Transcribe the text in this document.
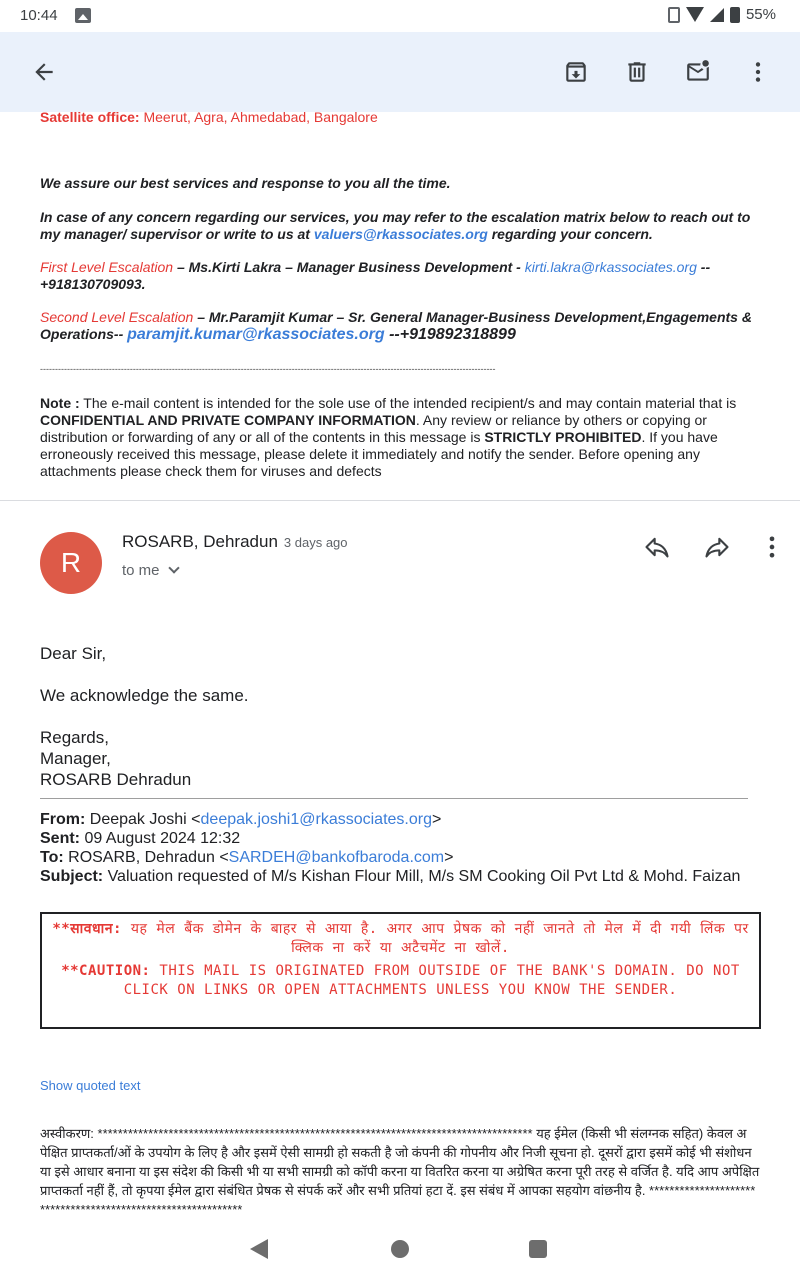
10:44	55%
Satellite office: Meerut, Agra, Ahmedabad, Bangalore
We assure our best services and response to you all the time.
In case of any concern regarding our services, you may refer to the escalation matrix below to reach out to my manager/ supervisor or write to us at valuers@rkassociates.org regarding your concern.
First Level Escalation – Ms.Kirti Lakra – Manager Business Development - kirti.lakra@rkassociates.org --+918130709093.
Second Level Escalation – Mr.Paramjit Kumar – Sr. General Manager-Business Development,Engagements & Operations-- paramjit.kumar@rkassociates.org --+919892318899
--------------------------------------------------------------------------------------------------------------------------------------------------------
Note : The e-mail content is intended for the sole use of the intended recipient/s and may contain material that is CONFIDENTIAL AND PRIVATE COMPANY INFORMATION. Any review or reliance by others or copying or distribution or forwarding of any or all of the contents in this message is STRICTLY PROHIBITED. If you have erroneously received this message, please delete it immediately and notify the sender. Before opening any attachments please check them for viruses and defects
R
ROSARB, Dehradun 3 days ago
to me
Dear Sir,
We acknowledge the same.
Regards,
Manager,
ROSARB Dehradun
From: Deepak Joshi <deepak.joshi1@rkassociates.org>
Sent: 09 August 2024 12:32
To: ROSARB, Dehradun <SARDEH@bankofbaroda.com>
Subject: Valuation requested of M/s Kishan Flour Mill, M/s SM Cooking Oil Pvt Ltd & Mohd. Faizan
**सावधान: यह मेल बैंक डोमेन के बाहर से आया है. अगर आप प्रेषक को नहीं जानते तो मेल में दी गयी लिंक पर क्लिक ना करें या अटैचमेंट ना खोलें.
**CAUTION: THIS MAIL IS ORIGINATED FROM OUTSIDE OF THE BANK'S DOMAIN. DO NOT CLICK ON LINKS OR OPEN ATTACHMENTS UNLESS YOU KNOW THE SENDER.
Show quoted text
अस्वीकरण: ************************************************************************************** यह ईमेल (किसी भी संलग्नक सहित) केवल अपेक्षित प्राप्तकर्ता/ओं के उपयोग के लिए है और इसमें ऐसी सामग्री हो सकती है जो कंपनी की गोपनीय और निजी सूचना हो. दूसरों द्वारा इसमें कोई भी संशोधन या इसे आधार बनाना या इस संदेश की किसी भी या सभी सामग्री को कॉपी करना या वितरित करना या अग्रेषित करना पूरी तरह से वर्जित है. यदि आप अपेक्षित प्राप्तकर्ता नहीं हैं, तो कृपया ईमेल द्वारा संबंधित प्रेषक से संपर्क करें और सभी प्रतियां हटा दें. इस संबंध में आपका सहयोग वांछनीय है. *************************************************************
